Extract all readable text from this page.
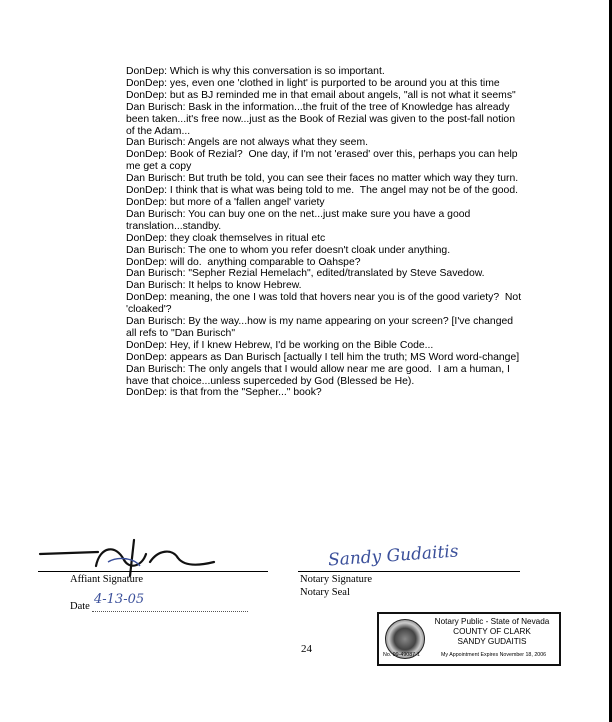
DonDep: Which is why this conversation is so important.
DonDep: yes, even one 'clothed in light' is purported to be around you at this time
DonDep: but as BJ reminded me in that email about angels, "all is not what it seems"
Dan Burisch: Bask in the information...the fruit of the tree of Knowledge has already been taken...it's free now...just as the Book of Rezial was given to the post-fall notion of the Adam...
Dan Burisch: Angels are not always what they seem.
DonDep: Book of Rezial?  One day, if I'm not 'erased' over this, perhaps you can help me get a copy
Dan Burisch: But truth be told, you can see their faces no matter which way they turn.
DonDep: I think that is what was being told to me.  The angel may not be of the good.
DonDep: but more of a 'fallen angel' variety
Dan Burisch: You can buy one on the net...just make sure you have a good translation...standby.
DonDep: they cloak themselves in ritual etc
Dan Burisch: The one to whom you refer doesn't cloak under anything.
DonDep: will do.  anything comparable to Oahspe?
Dan Burisch: "Sepher Rezial Hemelach", edited/translated by Steve Savedow.
Dan Burisch: It helps to know Hebrew.
DonDep: meaning, the one I was told that hovers near you is of the good variety?  Not 'cloaked'?
Dan Burisch: By the way...how is my name appearing on your screen? [I've changed all refs to "Dan Burisch"
DonDep: Hey, if I knew Hebrew, I'd be working on the Bible Code...
DonDep: appears as Dan Burisch [actually I tell him the truth; MS Word word-change]
Dan Burisch: The only angels that I would allow near me are good.  I am a human, I have that choice...unless superceded by God (Blessed be He).
DonDep: is that from the "Sepher..." book?
Affiant Signature
Date 4-13-05
Sandy Gudaitis
Notary Signature
Notary Seal
24
Notary Public - State of Nevada
COUNTY OF CLARK
SANDY GUDAITIS
No. 99-49087-1	My Appointment Expires November 18, 2006
